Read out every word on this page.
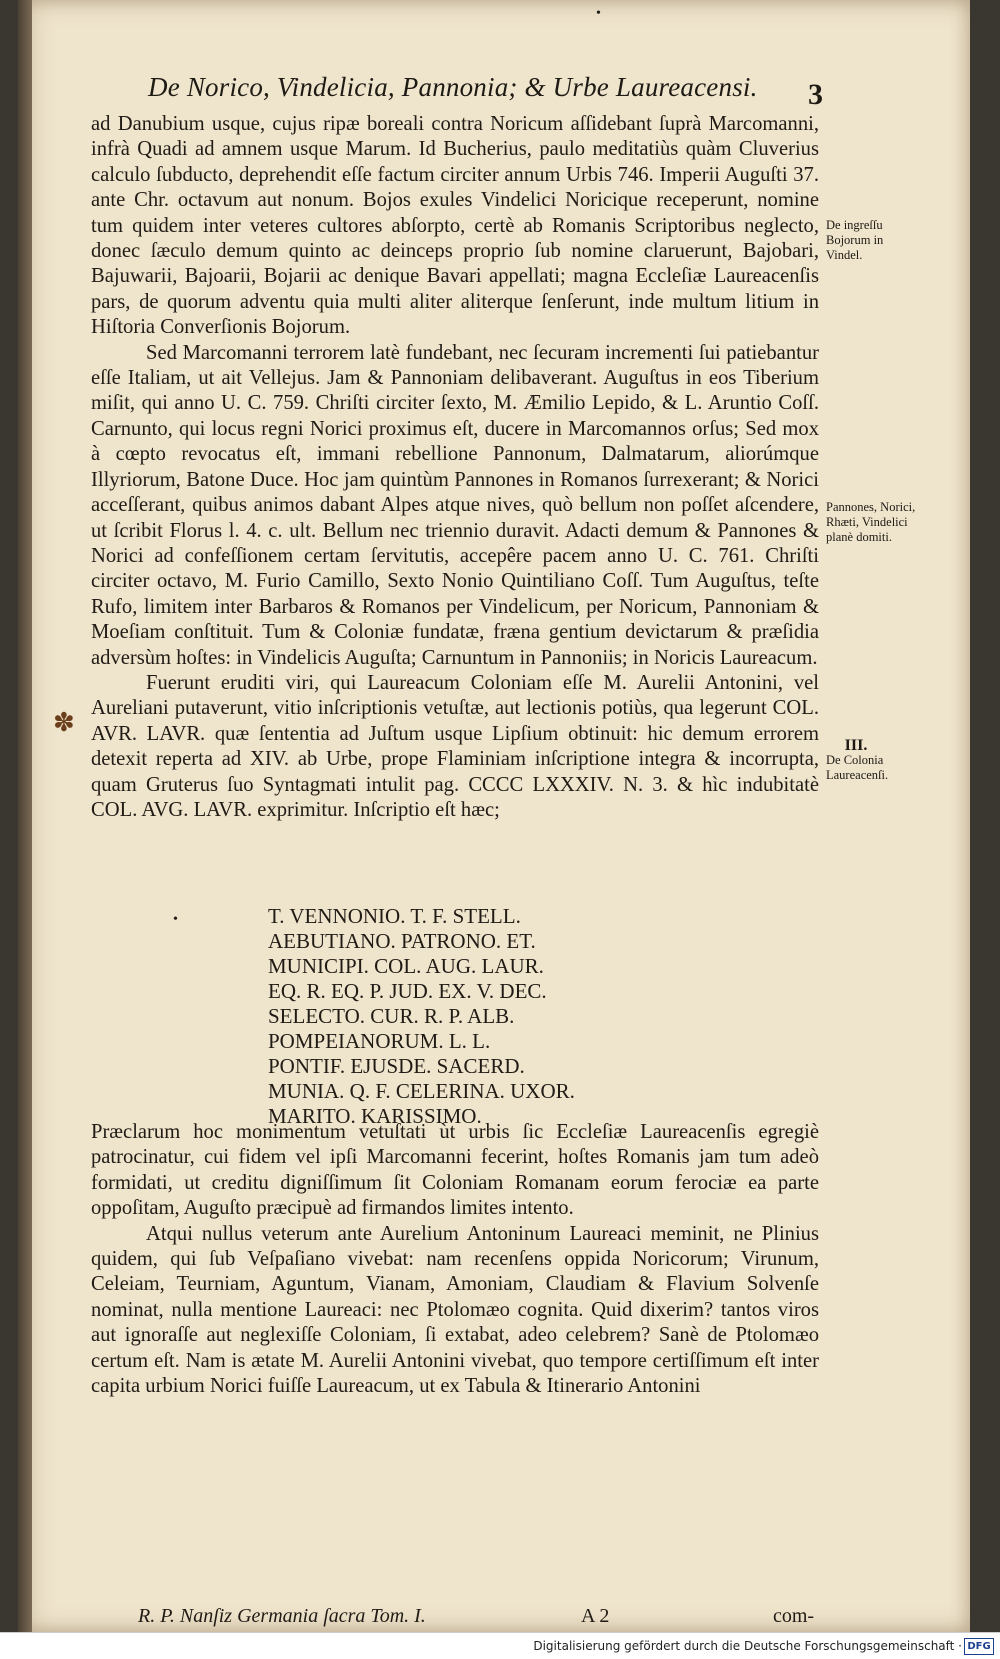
•
De Norico, Vindelicia, Pannonia; & Urbe Laureacensi.	3

ad Danubium usque, cujus ripæ boreali contra Noricum aſſidebant ſuprà Marcomanni, infrà Quadi ad amnem usque Marum. Id Bucherius, paulo meditatiùs quàm Cluverius calculo ſubducto, deprehendit eſſe factum circiter annum Urbis 746. Imperii Auguſti 37. ante Chr. octavum aut nonum. Bojos exules Vindelici Noricique receperunt, nomine tum quidem inter veteres cultores abſorpto, certè ab Romanis Scriptoribus neglecto, donec ſæculo demum quinto ac deinceps proprio ſub nomine claruerunt, Bajobari, Bajuwarii, Bajoarii, Bojarii ac denique Bavari appellati; magna Eccleſiæ Laureacenſis pars, de quorum adventu quia multi aliter aliterque ſenſerunt, inde multum litium in Hiſtoria Converſionis Bojorum.

Sed Marcomanni terrorem latè fundebant, nec ſecuram incrementi ſui patiebantur eſſe Italiam, ut ait Vellejus. Jam & Pannoniam delibaverant. Auguſtus in eos Tiberium miſit, qui anno U. C. 759. Chriſti circiter ſexto, M. Æmilio Lepido, & L. Aruntio Coſſ. Carnunto, qui locus regni Norici proximus eſt, ducere in Marcomannos orſus; Sed mox à cœpto revocatus eſt, immani rebellione Pannonum, Dalmatarum, aliorúmque Illyriorum, Batone Duce. Hoc jam quintùm Pannones in Romanos ſurrexerant; & Norici acceſſerant, quibus animos dabant Alpes atque nives, quò bellum non poſſet aſcendere, ut ſcribit Florus l. 4. c. ult. Bellum nec triennio duravit. Adacti demum & Pannones & Norici ad confeſſionem certam ſervitutis, accepêre pacem anno U. C. 761. Chriſti circiter octavo, M. Furio Camillo, Sexto Nonio Quintiliano Coſſ. Tum Auguſtus, teſte Rufo, limitem inter Barbaros & Romanos per Vindelicum, per Noricum, Pannoniam & Moeſiam conſtituit. Tum & Coloniæ fundatæ, fræna gentium devictarum & præſidia adversùm hoſtes: in Vindelicis Auguſta; Carnuntum in Pannoniis; in Noricis Laureacum.

Fuerunt eruditi viri, qui Laureacum Coloniam eſſe M. Aurelii Antonini, vel Aureliani putaverunt, vitio inſcriptionis vetuſtæ, aut lectionis potiùs, qua legerunt COL. AVR. LAVR. quæ ſententia ad Juſtum usque Lipſium obtinuit: hic demum errorem detexit reperta ad XIV. ab Urbe, prope Flaminiam inſcriptione integra & incorrupta, quam Gruterus ſuo Syntagmati intulit pag. CCCC LXXXIV. N. 3. & hìc indubitatè COL. AVG. LAVR. exprimitur. Inſcriptio eſt hæc;

✽
•	T. VENNONIO. T. F. STELL.
AEBUTIANO. PATRONO. ET.
MUNICIPI. COL. AUG. LAUR.
EQ. R. EQ. P. JUD. EX. V. DEC.
SELECTO. CUR. R. P. ALB.
POMPEIANORUM. L. L.
PONTIF. EJUSDE. SACERD.
MUNIA. Q. F. CELERINA. UXOR.
MARITO. KARISSIMO.

Præclarum hoc monimentum vetuſtati ùt urbis ſic Eccleſiæ Laureacenſis egregiè patrocinatur, cui fidem vel ipſi Marcomanni fecerint, hoſtes Romanis jam tum adeò formidati, ut creditu digniſſimum ſit Coloniam Romanam eorum ferociæ ea parte oppoſitam, Auguſto præcipuè ad firmandos limites intento.

Atqui nullus veterum ante Aurelium Antoninum Laureaci meminit, ne Plinius quidem, qui ſub Veſpaſiano vivebat: nam recenſens oppida Noricorum; Virunum, Celeiam, Teurniam, Aguntum, Vianam, Amoniam, Claudiam & Flavium Solvenſe nominat, nulla mentione Laureaci: nec Ptolomæo cognita. Quid dixerim? tantos viros aut ignoraſſe aut neglexiſſe Coloniam, ſi extabat, adeo celebrem? Sanè de Ptolomæo certum eſt. Nam is ætate M. Aurelii Antonini vivebat, quo tempore certiſſimum eſt inter capita urbium Norici fuiſſe Laureacum, ut ex Tabula & Itinerario Antonini

De ingreſſu Bojorum in Vindel.
Pannones, Norici, Rhæti, Vindelici planè domiti.
III.
De Colonia Laureacenſi.
R. P. Nanſiz Germania ſacra Tom. I.	A 2	com-
Digitalisierung gefördert durch die Deutsche Forschungsgemeinschaft · DFG
